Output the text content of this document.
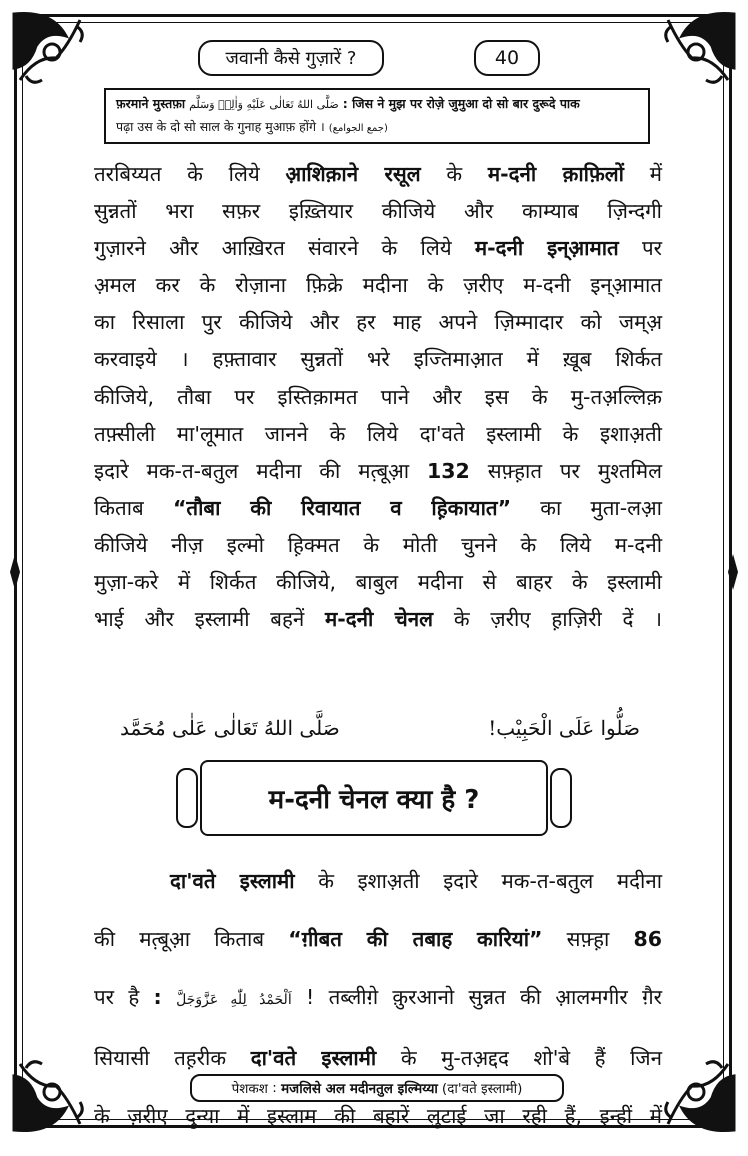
जवानी कैसे गुज़ारें ?	40
फ़रमाने मुस्तफ़ा صَلَّى اللهُ تَعَالٰى عَلَيْهِ وَاٰلِهٖ وَسَلَّم : जिस ने मुझ पर रोज़े जुमुआ दो सो बार दुरूदे पाक
पढ़ा उस के दो सो साल के गुनाह मुआफ़ होंगे । (جمع الجوامع)

तरबिय्यत के लिये आ़शिक़ाने रसूल के म-दनी क़ाफ़िलों में

सुन्नतों भरा सफ़र इख़्तियार कीजिये और काम्याब ज़िन्दगी

गुज़ारने और आख़िरत संवारने के लिये म-दनी इन्आ़मात पर

अ़मल कर के रोज़ाना फ़िक्रे मदीना के ज़रीए म-दनी इन्आ़मात

का रिसाला पुर कीजिये और हर माह अपने ज़िम्मादार को जम्अ़

करवाइये । हफ़्तावार सुन्नतों भरे इज्तिमाअ़ात में ख़ूब शिर्कत

कीजिये, तौबा पर इस्तिक़ामत पाने और इस के मु-तअ़ल्लिक़

तफ़्सीली मा'लूमात जानने के लिये दा'वते इस्लामी के इशाअ़ती

इदारे मक-त-बतुल मदीना की मत़्बूआ़ 132 सफ़्ह़ात पर मुश्तमिल

किताब “तौबा की रिवायात व ह़िकायात” का मुता-लआ़

कीजिये नीज़ इल्मो ह़िक्मत के मोती चुनने के लिये म-दनी

मुज़ा-करे में शिर्कत कीजिये, बाबुल मदीना से बाहर के इस्लामी

भाई और इस्लामी बहनें म-दनी चेनल के ज़रीए ह़ाज़िरी दें ।

صَلُّوا عَلَى الْحَبِيْب!
صَلَّى اللهُ تَعَالٰى عَلٰى مُحَمَّد
म-दनी चेनल क्या है ?

दा'वते इस्लामी के इशाअ़ती इदारे मक-त-बतुल मदीना

की मत़्बूआ़ किताब “ग़ीबत की तबाह कारियां” सफ़्ह़ा 86

पर है : اَلْحَمْدُ لِلّٰهِ عَزَّوَجَلَّ ! तब्लीग़े क़ुरआनो सुन्नत की आ़लमगीर ग़ैर

सियासी तह़रीक दा'वते इस्लामी के मु-तअ़द्दद शो'बे हैं जिन

के ज़रीए दुन्या में इस्लाम की बहारें लुटाई जा रही हैं, इन्हीं में

पेशकश : मजलिसे अल मदीनतुल इल्मिय्या (दा'वते इस्लामी)
